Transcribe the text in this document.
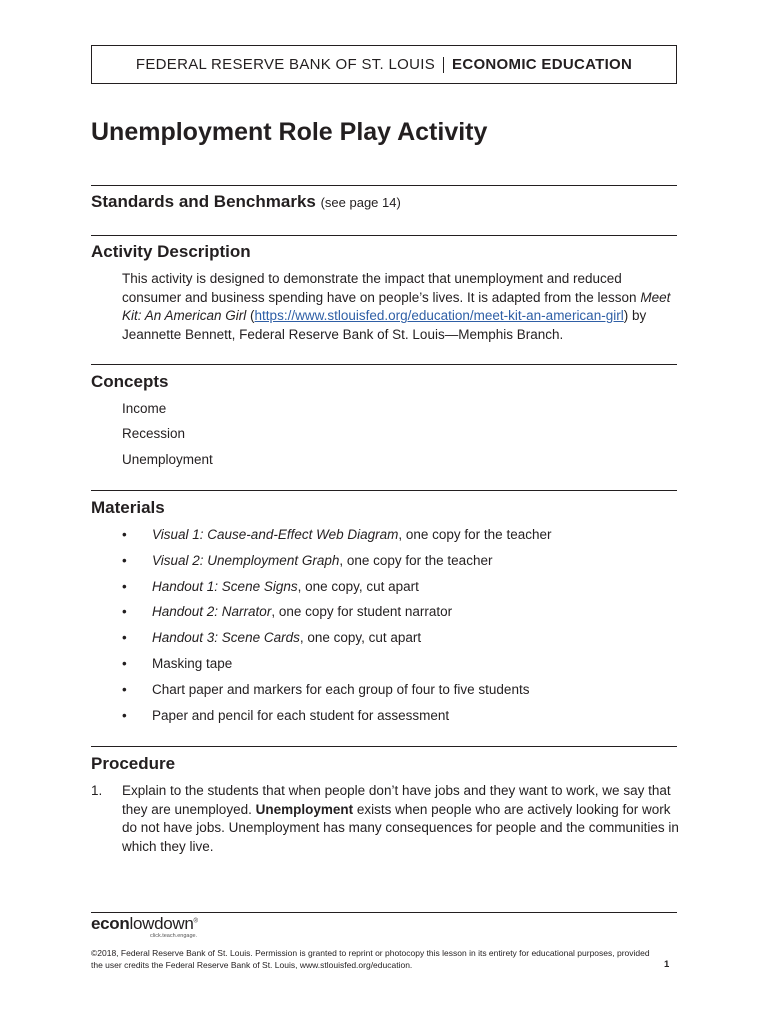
FEDERAL RESERVE BANK OF ST. LOUIS ECONOMIC EDUCATION
Unemployment Role Play Activity
Standards and Benchmarks (see page 14)
Activity Description

This activity is designed to demonstrate the impact that unemployment and reduced consumer and business spending have on people’s lives. It is adapted from the lesson Meet Kit: An American Girl (https://www.stlouisfed.org/education/meet-kit-an-american-girl) by Jeannette Bennett, Federal Reserve Bank of St. Louis—Memphis Branch.

Concepts
Income
Recession
Unemployment
Materials
•	Visual 1: Cause-and-Effect Web Diagram, one copy for the teacher
•	Visual 2: Unemployment Graph, one copy for the teacher
•	Handout 1: Scene Signs, one copy, cut apart
•	Handout 2: Narrator, one copy for student narrator
•	Handout 3: Scene Cards, one copy, cut apart
•	Masking tape
•	Chart paper and markers for each group of four to five students
•	Paper and pencil for each student for assessment
Procedure
1.	Explain to the students that when people don’t have jobs and they want to work, we say that they are unemployed. Unemployment exists when people who are actively looking for work do not have jobs. Unemployment has many consequences for people and the communities in which they live.
econlowdown®
click.teach.engage.
©2018, Federal Reserve Bank of St. Louis. Permission is granted to reprint or photocopy this lesson in its entirety for educational purposes, provided the user credits the Federal Reserve Bank of St. Louis, www.stlouisfed.org/education.	1
